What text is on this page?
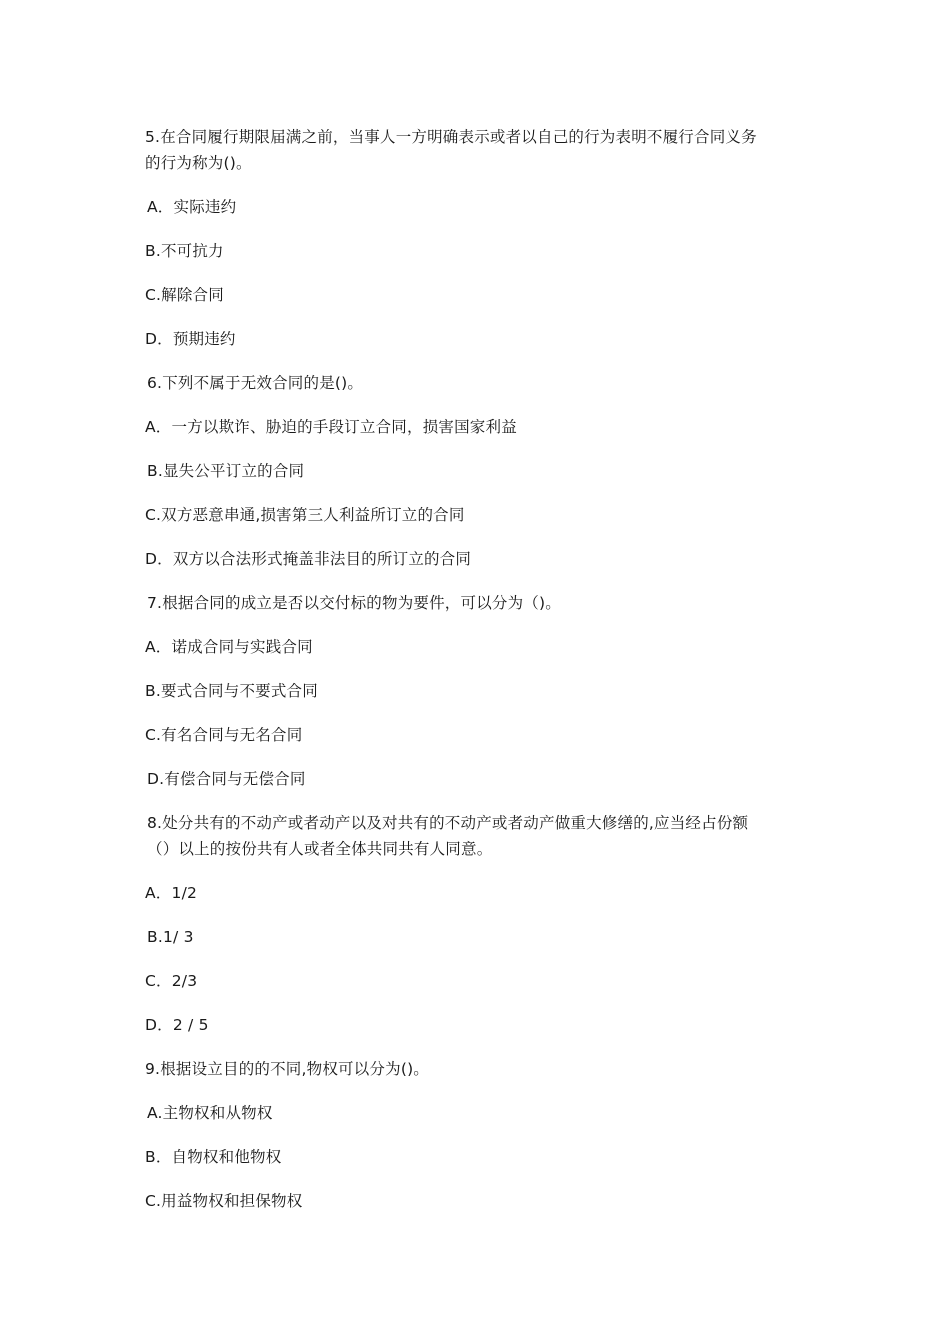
5.在合同履行期限届满之前，当事人一方明确表示或者以自己的行为表明不履行合同义务
的行为称为()。
A．实际违约
B.不可抗力
C.解除合同
D．预期违约
6.下列不属于无效合同的是()。
A．一方以欺诈、胁迫的手段订立合同，损害国家利益
B.显失公平订立的合同
C.双方恶意串通,损害第三人利益所订立的合同
D．双方以合法形式掩盖非法目的所订立的合同
7.根据合同的成立是否以交付标的物为要件，可以分为（)。
A．诺成合同与实践合同
B.要式合同与不要式合同
C.有名合同与无名合同
D.有偿合同与无偿合同
8.处分共有的不动产或者动产以及对共有的不动产或者动产做重大修缮的,应当经占份额
（）以上的按份共有人或者全体共同共有人同意。
A．1/2
B.1/ 3
C．2/3
D．2 / 5
9.根据设立目的的不同,物权可以分为()。
A.主物权和从物权
B．自物权和他物权
C.用益物权和担保物权
